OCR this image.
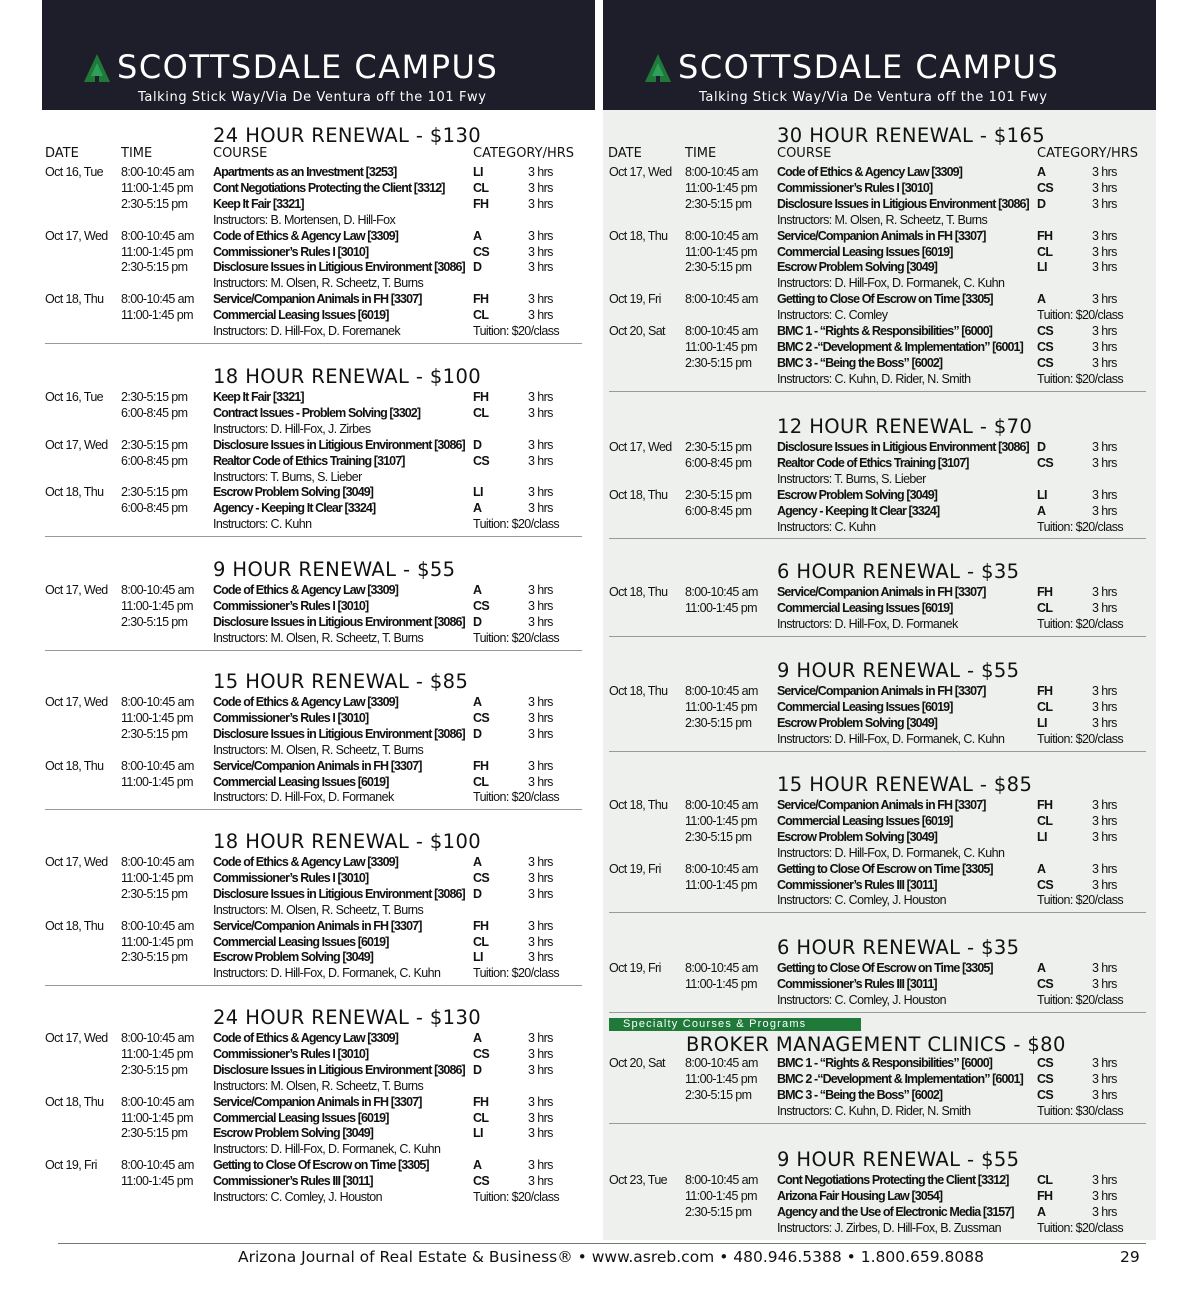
SCOTTSDALE CAMPUS
Talking Stick Way/Via De Ventura off the 101 Fwy
DATE	TIME	COURSE	CATEGORY/HRS
24 HOUR RENEWAL - $130
Oct 16, Tue 8:00-10:45 am Apartments as an Investment [3253]	LI	3 hrs
11:00-1:45 pm Cont Negotiations Protecting the Client [3312] CL	3 hrs
2:30-5:15 pm Keep It Fair [3321]	FH	3 hrs
Instructors: B. Mortensen, D. Hill-Fox
Oct 17, Wed 8:00-10:45 am Code of Ethics & Agency Law [3309]	A	3 hrs
11:00-1:45 pm Commissioner’s Rules I [3010]	CS	3 hrs
2:30-5:15 pm Disclosure Issues in Litigious Environment [3086] D	3 hrs
Instructors: M. Olsen, R. Scheetz, T. Burns
Oct 18, Thu 8:00-10:45 am Service/Companion Animals in FH [3307]	FH	3 hrs
11:00-1:45 pm Commercial Leasing Issues [6019]	CL	3 hrs
Instructors: D. Hill-Fox, D. Foremanek	Tuition: $20/class
18 HOUR RENEWAL - $100
Oct 16, Tue 2:30-5:15 pm Keep It Fair [3321]	FH	3 hrs
6:00-8:45 pm Contract Issues - Problem Solving [3302]	CL	3 hrs
Instructors: D. Hill-Fox, J. Zirbes
Oct 17, Wed 2:30-5:15 pm Disclosure Issues in Litigious Environment [3086] D	3 hrs
6:00-8:45 pm Realtor Code of Ethics Training [3107]	CS	3 hrs
Instructors: T. Burns, S. Lieber
Oct 18, Thu 2:30-5:15 pm Escrow Problem Solving [3049]	LI	3 hrs
6:00-8:45 pm Agency - Keeping It Clear [3324]	A	3 hrs
Instructors: C. Kuhn	Tuition: $20/class
9 HOUR RENEWAL - $55
Oct 17, Wed 8:00-10:45 am Code of Ethics & Agency Law [3309]	A	3 hrs
11:00-1:45 pm Commissioner’s Rules I [3010]	CS	3 hrs
2:30-5:15 pm Disclosure Issues in Litigious Environment [3086] D	3 hrs
Instructors: M. Olsen, R. Scheetz, T. Burns	Tuition: $20/class
15 HOUR RENEWAL - $85
Oct 17, Wed 8:00-10:45 am Code of Ethics & Agency Law [3309]	A	3 hrs
11:00-1:45 pm Commissioner’s Rules I [3010]	CS	3 hrs
2:30-5:15 pm Disclosure Issues in Litigious Environment [3086] D	3 hrs
Instructors: M. Olsen, R. Scheetz, T. Burns
Oct 18, Thu 8:00-10:45 am Service/Companion Animals in FH [3307]	FH	3 hrs
11:00-1:45 pm Commercial Leasing Issues [6019]	CL	3 hrs
Instructors: D. Hill-Fox, D. Formanek	Tuition: $20/class
18 HOUR RENEWAL - $100
Oct 17, Wed 8:00-10:45 am Code of Ethics & Agency Law [3309]	A	3 hrs
11:00-1:45 pm Commissioner’s Rules I [3010]	CS	3 hrs
2:30-5:15 pm Disclosure Issues in Litigious Environment [3086] D	3 hrs
Instructors: M. Olsen, R. Scheetz, T. Burns
Oct 18, Thu 8:00-10:45 am Service/Companion Animals in FH [3307]	FH	3 hrs
11:00-1:45 pm Commercial Leasing Issues [6019]	CL	3 hrs
2:30-5:15 pm Escrow Problem Solving [3049]	LI	3 hrs
Instructors: D. Hill-Fox, D. Formanek, C. Kuhn	Tuition: $20/class
24 HOUR RENEWAL - $130
Oct 17, Wed 8:00-10:45 am Code of Ethics & Agency Law [3309]	A	3 hrs
11:00-1:45 pm Commissioner’s Rules I [3010]	CS	3 hrs
2:30-5:15 pm Disclosure Issues in Litigious Environment [3086] D	3 hrs
Instructors: M. Olsen, R. Scheetz, T. Burns
Oct 18, Thu 8:00-10:45 am Service/Companion Animals in FH [3307]	FH	3 hrs
11:00-1:45 pm Commercial Leasing Issues [6019]	CL	3 hrs
2:30-5:15 pm Escrow Problem Solving [3049]	LI	3 hrs
Instructors: D. Hill-Fox, D. Formanek, C. Kuhn
Oct 19, Fri 8:00-10:45 am Getting to Close Of Escrow on Time [3305]	A	3 hrs
11:00-1:45 pm Commissioner’s Rules III [3011]	CS	3 hrs
Instructors: C. Comley, J. Houston	Tuition: $20/class
SCOTTSDALE CAMPUS
Talking Stick Way/Via De Ventura off the 101 Fwy
DATE	TIME	COURSE	CATEGORY/HRS
Specialty Courses & Programs
30 HOUR RENEWAL - $165
Oct 17, Wed 8:00-10:45 am Code of Ethics & Agency Law [3309]	A	3 hrs
11:00-1:45 pm Commissioner’s Rules I [3010]	CS	3 hrs
2:30-5:15 pm Disclosure Issues in Litigious Environment [3086] D	3 hrs
Instructors: M. Olsen, R. Scheetz, T. Burns
Oct 18, Thu 8:00-10:45 am Service/Companion Animals in FH [3307]	FH	3 hrs
11:00-1:45 pm Commercial Leasing Issues [6019]	CL	3 hrs
2:30-5:15 pm Escrow Problem Solving [3049]	LI	3 hrs
Instructors: D. Hill-Fox, D. Formanek, C. Kuhn
Oct 19, Fri 8:00-10:45 am Getting to Close Of Escrow on Time [3305]	A	3 hrs
Instructors: C. Comley	Tuition: $20/class
Oct 20, Sat 8:00-10:45 am BMC 1 - “Rights & Responsibilities” [6000]	CS	3 hrs
11:00-1:45 pm BMC 2 -“Development & Implementation” [6001] CS	3 hrs
2:30-5:15 pm BMC 3 - “Being the Boss” [6002]	CS	3 hrs
Instructors: C. Kuhn, D. Rider, N. Smith	Tuition: $20/class
12 HOUR RENEWAL - $70
Oct 17, Wed 2:30-5:15 pm Disclosure Issues in Litigious Environment [3086] D	3 hrs
6:00-8:45 pm Realtor Code of Ethics Training [3107]	CS	3 hrs
Instructors: T. Burns, S. Lieber
Oct 18, Thu 2:30-5:15 pm Escrow Problem Solving [3049]	LI	3 hrs
6:00-8:45 pm Agency - Keeping It Clear [3324]	A	3 hrs
Instructors: C. Kuhn	Tuition: $20/class
6 HOUR RENEWAL - $35
Oct 18, Thu 8:00-10:45 am Service/Companion Animals in FH [3307]	FH	3 hrs
11:00-1:45 pm Commercial Leasing Issues [6019]	CL	3 hrs
Instructors: D. Hill-Fox, D. Formanek	Tuition: $20/class
9 HOUR RENEWAL - $55
Oct 18, Thu 8:00-10:45 am Service/Companion Animals in FH [3307]	FH	3 hrs
11:00-1:45 pm Commercial Leasing Issues [6019]	CL	3 hrs
2:30-5:15 pm Escrow Problem Solving [3049]	LI	3 hrs
Instructors: D. Hill-Fox, D. Formanek, C. Kuhn	Tuition: $20/class
15 HOUR RENEWAL - $85
Oct 18, Thu 8:00-10:45 am Service/Companion Animals in FH [3307]	FH	3 hrs
11:00-1:45 pm Commercial Leasing Issues [6019]	CL	3 hrs
2:30-5:15 pm Escrow Problem Solving [3049]	LI	3 hrs
Instructors: D. Hill-Fox, D. Formanek, C. Kuhn
Oct 19, Fri 8:00-10:45 am Getting to Close Of Escrow on Time [3305]	A	3 hrs
11:00-1:45 pm Commissioner’s Rules III [3011]	CS	3 hrs
Instructors: C. Comley, J. Houston	Tuition: $20/class
6 HOUR RENEWAL - $35
Oct 19, Fri 8:00-10:45 am Getting to Close Of Escrow on Time [3305]	A	3 hrs
11:00-1:45 pm Commissioner’s Rules III [3011]	CS	3 hrs
Instructors: C. Comley, J. Houston	Tuition: $20/class
BROKER MANAGEMENT CLINICS - $80
Oct 20, Sat 8:00-10:45 am BMC 1 - “Rights & Responsibilities” [6000]	CS	3 hrs
11:00-1:45 pm BMC 2 -“Development & Implementation” [6001] CS	3 hrs
2:30-5:15 pm BMC 3 - “Being the Boss” [6002]	CS	3 hrs
Instructors: C. Kuhn, D. Rider, N. Smith	Tuition: $30/class
9 HOUR RENEWAL - $55
Oct 23, Tue 8:00-10:45 am Cont Negotiations Protecting the Client [3312] CL	3 hrs
11:00-1:45 pm Arizona Fair Housing Law [3054]	FH	3 hrs
2:30-5:15 pm Agency and the Use of Electronic Media [3157] A	3 hrs
Instructors: J. Zirbes, D. Hill-Fox, B. Zussman	Tuition: $20/class
Arizona Journal of Real Estate & Business® • www.asreb.com • 480.946.5388 • 1.800.659.8088	29
